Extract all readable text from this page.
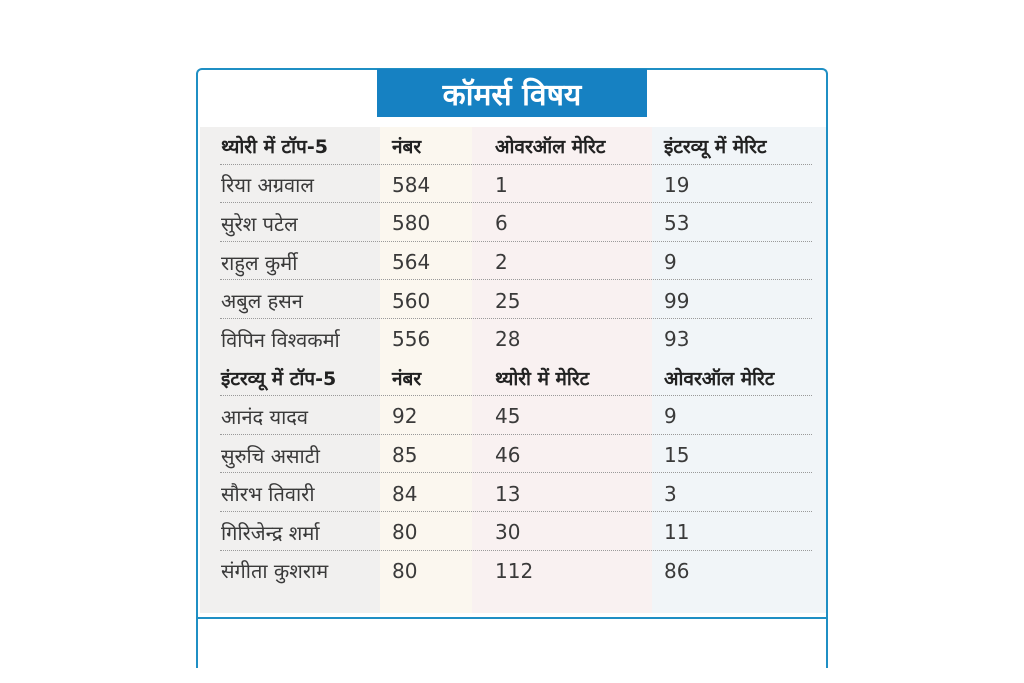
कॉमर्स विषय
थ्योरी में टॉप-5	नंबर	ओवरऑल मेरिट	इंटरव्यू में मेरिट
रिया अग्रवाल	584	1	19
सुरेश पटेल	580	6	53
राहुल कुर्मी	564	2	9
अबुल हसन	560	25	99
विपिन विश्वकर्मा	556	28	93
इंटरव्यू में टॉप-5	नंबर	थ्योरी में मेरिट	ओवरऑल मेरिट
आनंद यादव	92	45	9
सुरुचि असाटी	85	46	15
सौरभ तिवारी	84	13	3
गिरिजेन्द्र शर्मा	80	30	11
संगीता कुशराम	80	112	86
